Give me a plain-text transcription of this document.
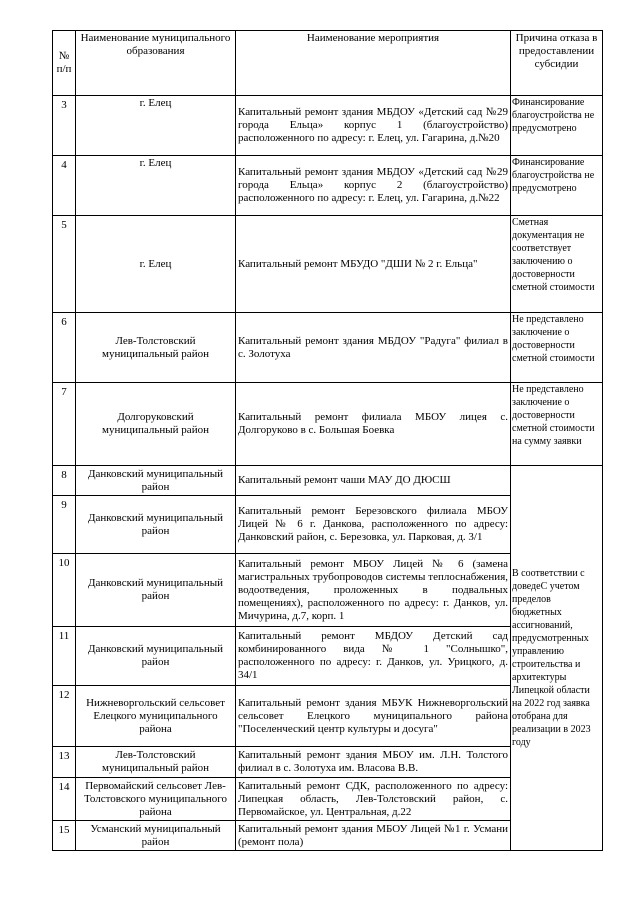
№ п/п	Наименование муниципального образования	Наименование мероприятия	Причина отказа в предоставлении субсидии
3	г. Елец	Капитальный ремонт здания МБДОУ «Детский сад №29 города Ельца» корпус 1 (благоустройство) расположенного по адресу: г. Елец, ул. Гагарина, д.№20	Финансирование благоустройства не предусмотрено
4	г. Елец	Капитальный ремонт здания МБДОУ «Детский сад №29 города Ельца» корпус 2 (благоустройство) расположенного по адресу: г. Елец, ул. Гагарина, д.№22	Финансирование благоустройства не предусмотрено
5	г. Елец	Капитальный ремонт МБУДО "ДШИ № 2 г. Ельца"	Сметная документация не соответствует заключению о достоверности сметной стоимости
6	Лев-Толстовский муниципальный район	Капитальный ремонт здания МБДОУ "Радуга" филиал в с. Золотуха	Не представлено заключение о достоверности сметной стоимости
7	Долгоруковский муниципальный район	Капитальный ремонт филиала МБОУ лицея с. Долгоруково в с. Большая Боевка	Не представлено заключение о достоверности сметной стоимости на сумму заявки
8	Данковский муниципальный район	Капитальный ремонт чаши МАУ ДО ДЮСШ	В соответствии с доведеС учетом пределов бюджетных ассигнований, предусмотренных управлению строительства и архитектуры Липецкой области на 2022 год заявка отобрана для реализации в 2023 году
9	Данковский муниципальный район	Капитальный ремонт Березовского филиала МБОУ Лицей № 6 г. Данкова, расположенного по адресу: Данковский район, с. Березовка, ул. Парковая, д. 3/1	
10	Данковский муниципальный район	Капитальный ремонт МБОУ Лицей № 6 (замена магистральных трубопроводов системы теплоснабжения, водоотведения, проложенных в подвальных помещениях), расположенного по адресу: г. Данков, ул. Мичурина, д.7, корп. 1	
11	Данковский муниципальный район	Капитальный ремонт МБДОУ Детский сад комбинированного вида № 1 "Солнышко", расположенного по адресу: г. Данков, ул. Урицкого, д. 34/1	
12	Нижневоргольский сельсовет Елецкого муниципального района	Капитальный ремонт здания МБУК Нижневоргольский сельсовет Елецкого муниципального района "Поселенческий центр культуры и досуга"	
13	Лев-Толстовский муниципальный район	Капитальный ремонт здания МБОУ им. Л.Н. Толстого филиал в с. Золотуха им. Власова В.В.	
14	Первомайский сельсовет Лев-Толстовского муниципального района	Капитальный ремонт СДК, расположенного по адресу: Липецкая область, Лев-Толстовский район, с. Первомайское, ул. Центральная, д.22	
15	Усманский муниципальный район	Капитальный ремонт здания МБОУ Лицей №1 г. Усмани (ремонт пола)	
